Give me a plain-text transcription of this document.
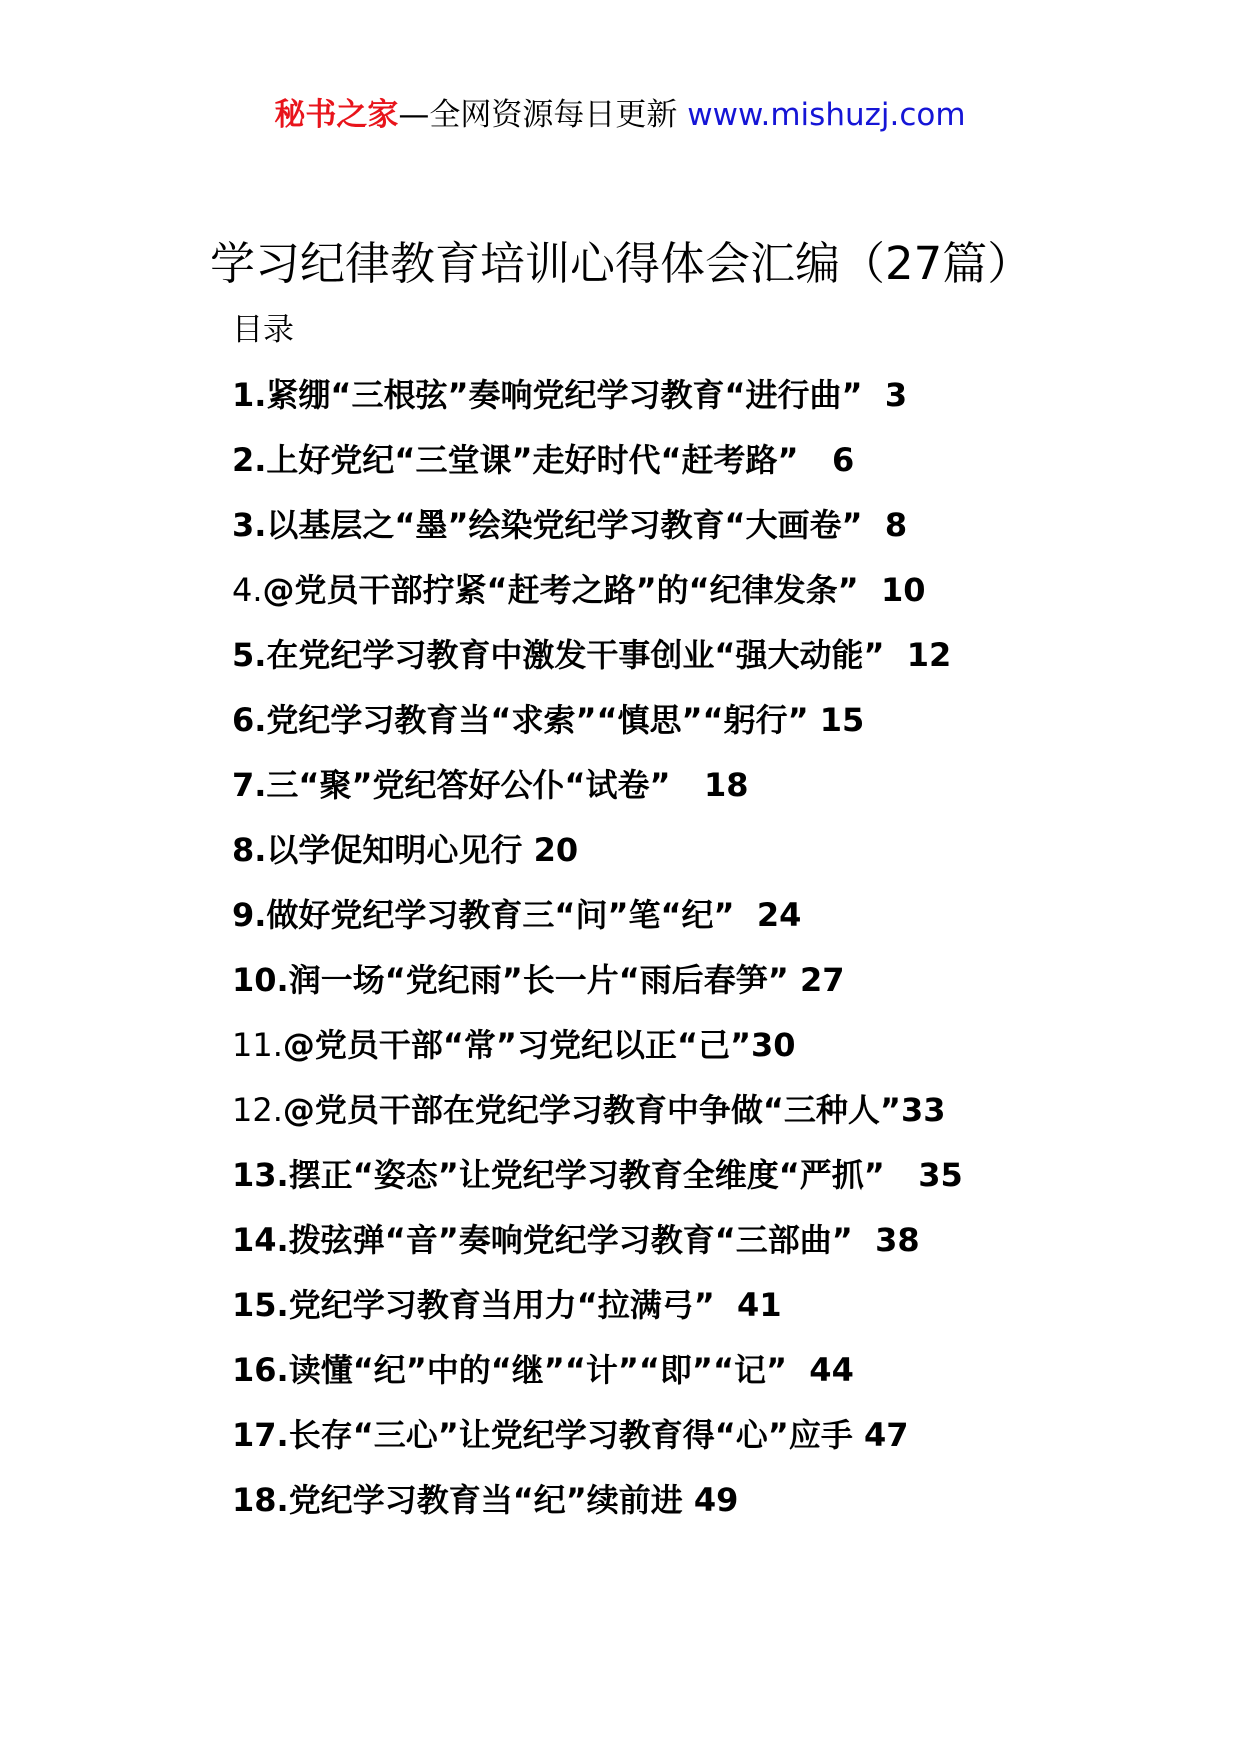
秘书之家—全网资源每日更新 www.mishuzj.com
学习纪律教育培训心得体会汇编（27篇）
目录
1.紧绷“三根弦”奏响党纪学习教育“进行曲” 3
2.上好党纪“三堂课”走好时代“赶考路” 6
3.以基层之“墨”绘染党纪学习教育“大画卷” 8
4.@党员干部拧紧“赶考之路”的“纪律发条” 10
5.在党纪学习教育中激发干事创业“强大动能” 12
6.党纪学习教育当“求索”“慎思”“躬行” 15
7.三“聚”党纪答好公仆“试卷” 18
8.以学促知明心见行 20
9.做好党纪学习教育三“问”笔“纪” 24
10.润一场“党纪雨”长一片“雨后春笋” 27
11.@党员干部“常”习党纪以正“己”30
12.@党员干部在党纪学习教育中争做“三种人”33
13.摆正“姿态”让党纪学习教育全维度“严抓” 35
14.拨弦弹“音”奏响党纪学习教育“三部曲” 38
15.党纪学习教育当用力“拉满弓” 41
16.读懂“纪”中的“继”“计”“即”“记” 44
17.长存“三心”让党纪学习教育得“心”应手 47
18.党纪学习教育当“纪”续前进 49
